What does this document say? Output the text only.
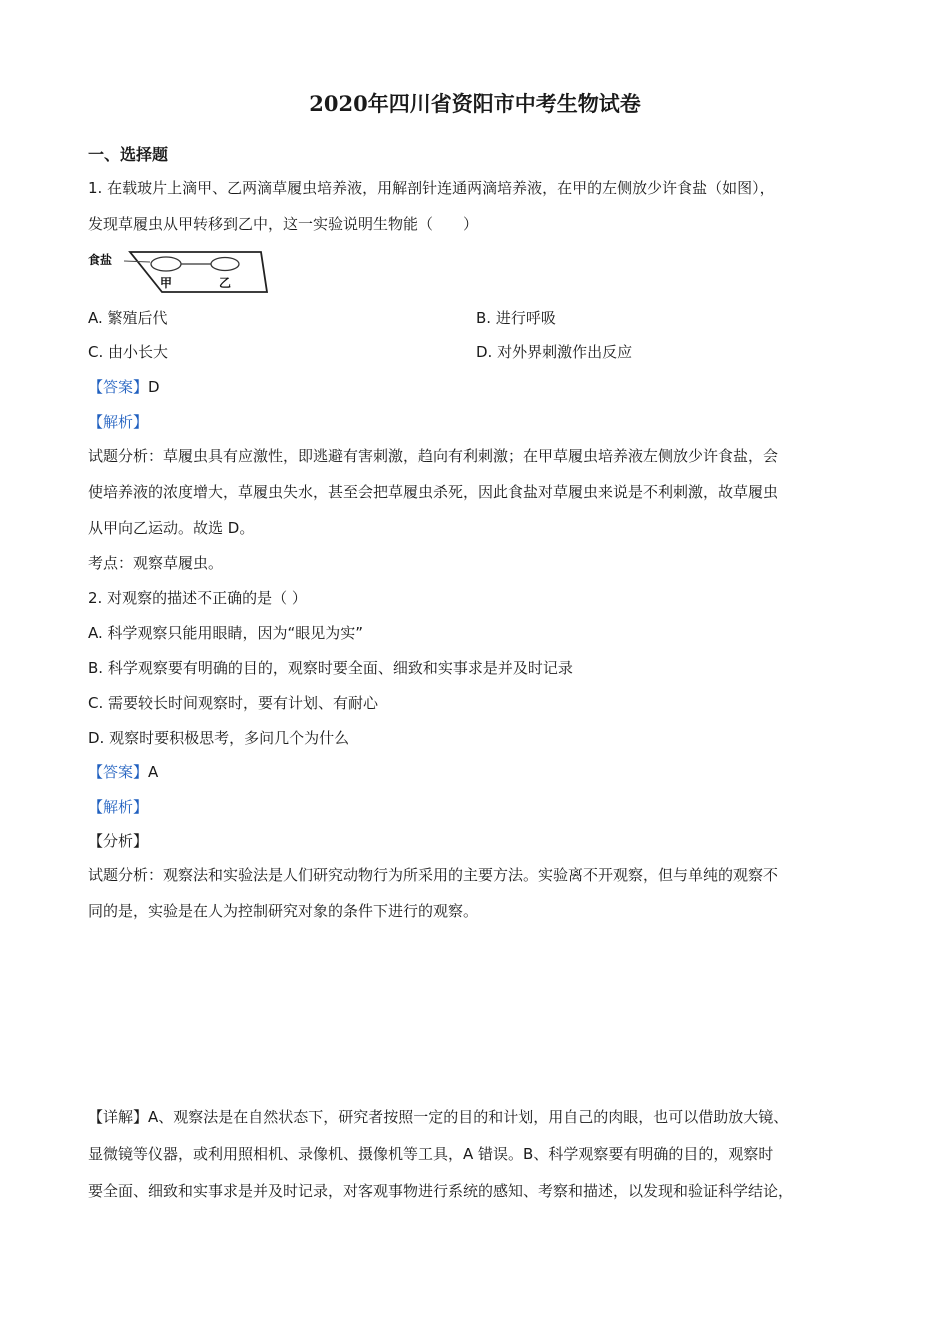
2020年四川省资阳市中考生物试卷
一、选择题
1. 在载玻片上滴甲、乙两滴草履虫培养液，用解剖针连通两滴培养液，在甲的左侧放少许食盐（如图），
发现草履虫从甲转移到乙中，这一实验说明生物能（　　）
食盐
甲	乙
A. 繁殖后代	B. 进行呼吸
C. 由小长大	D. 对外界刺激作出反应
【答案】D
【解析】
试题分析：草履虫具有应激性，即逃避有害刺激，趋向有利刺激；在甲草履虫培养液左侧放少许食盐，会
使培养液的浓度增大，草履虫失水，甚至会把草履虫杀死，因此食盐对草履虫来说是不利刺激，故草履虫
从甲向乙运动。故选 D。
考点：观察草履虫。
2. 对观察的描述不正确的是（ ）
A. 科学观察只能用眼睛，因为“眼见为实”
B. 科学观察要有明确的目的，观察时要全面、细致和实事求是并及时记录
C. 需要较长时间观察时，要有计划、有耐心
D. 观察时要积极思考，多问几个为什么
【答案】A
【解析】
【分析】
试题分析：观察法和实验法是人们研究动物行为所采用的主要方法。实验离不开观察，但与单纯的观察不
同的是，实验是在人为控制研究对象的条件下进行的观察。
【详解】A、观察法是在自然状态下，研究者按照一定的目的和计划，用自己的肉眼，也可以借助放大镜、
显微镜等仪器，或利用照相机、录像机、摄像机等工具，A 错误。B、科学观察要有明确的目的，观察时
要全面、细致和实事求是并及时记录，对客观事物进行系统的感知、考察和描述，以发现和验证科学结论，
